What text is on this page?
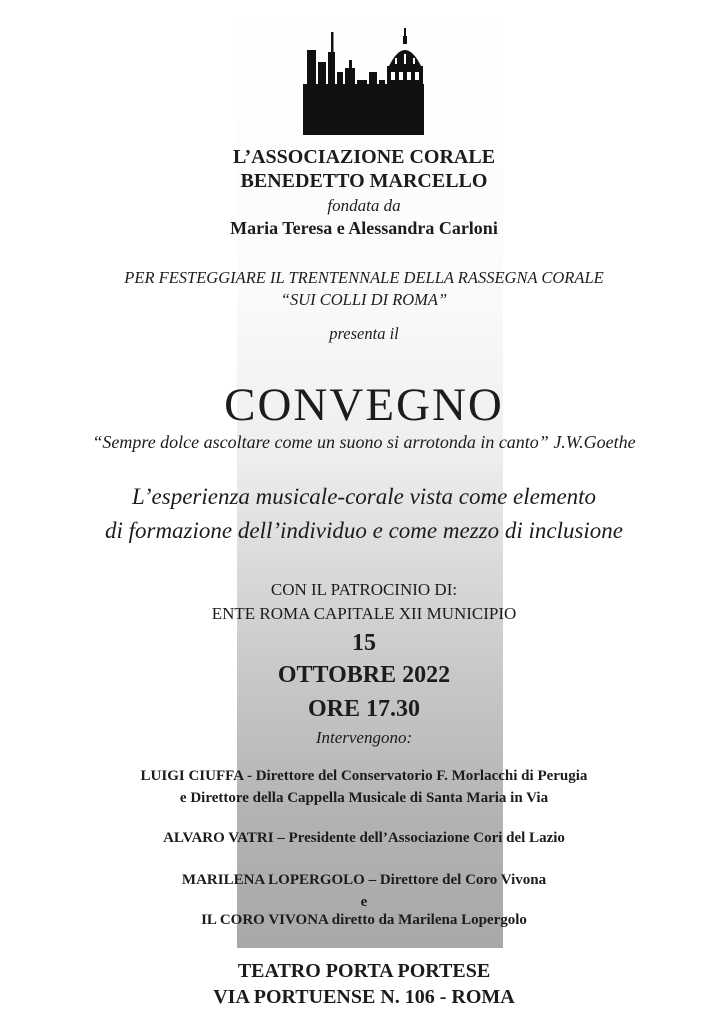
L’ASSOCIAZIONE CORALE
BENEDETTO MARCELLO
fondata da
Maria Teresa e Alessandra Carloni
PER FESTEGGIARE IL TRENTENNALE DELLA RASSEGNA CORALE
“SUI COLLI DI ROMA”
presenta il
CONVEGNO
“Sempre dolce ascoltare come un suono si arrotonda in canto” J.W.Goethe
L’esperienza musicale-corale vista come elemento
di formazione dell’individuo e come mezzo di inclusione
CON IL PATROCINIO DI:
ENTE ROMA CAPITALE XII MUNICIPIO
15
OTTOBRE 2022
ORE 17.30
Intervengono:
LUIGI CIUFFA - Direttore del Conservatorio F. Morlacchi di Perugia
e Direttore della Cappella Musicale di Santa Maria in Via
ALVARO VATRI – Presidente dell’Associazione Cori del Lazio
MARILENA LOPERGOLO – Direttore del Coro Vivona
e
IL CORO VIVONA diretto da Marilena Lopergolo
TEATRO PORTA PORTESE
VIA PORTUENSE N. 106 - ROMA
